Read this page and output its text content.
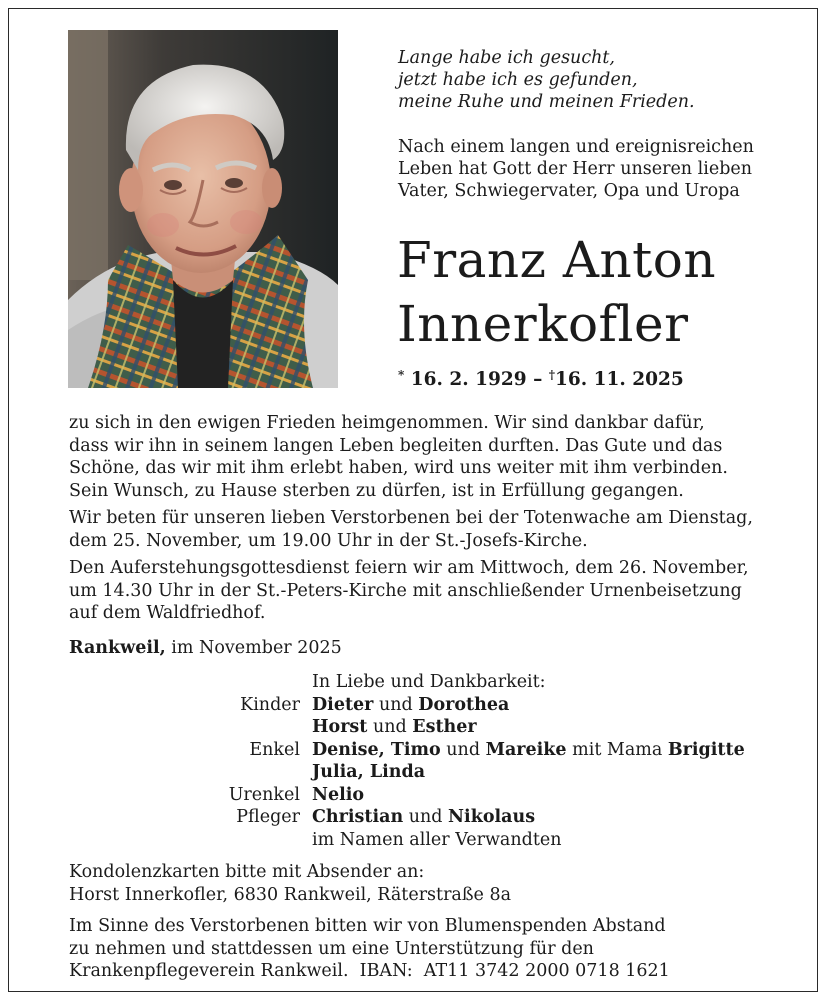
Lange habe ich gesucht,
jetzt habe ich es gefunden,
meine Ruhe und meinen Frieden.
Nach einem langen und ereignisreichen
Leben hat Gott der Herr unseren lieben
Vater, Schwiegervater, Opa und Uropa
Franz Anton
Innerkofler
* 16. 2. 1929 – †16. 11. 2025

zu sich in den ewigen Frieden heimgenommen. Wir sind dankbar dafür,
dass wir ihn in seinem langen Leben begleiten durften. Das Gute und das
Schöne, das wir mit ihm erlebt haben, wird uns weiter mit ihm verbinden.
Sein Wunsch, zu Hause sterben zu dürfen, ist in Erfüllung gegangen.

Wir beten für unseren lieben Verstorbenen bei der Totenwache am Dienstag,
dem 25. November, um 19.00 Uhr in der St.-Josefs-Kirche.

Den Auferstehungsgottesdienst feiern wir am Mittwoch, dem 26. November,
um 14.30 Uhr in der St.-Peters-Kirche mit anschließender Urnenbeisetzung
auf dem Waldfriedhof.

Rankweil, im November 2025
In Liebe und Dankbarkeit:
Kinder Dieter und Dorothea
Horst und Esther
Enkel Denise, Timo und Mareike mit Mama Brigitte
Julia, Linda
Urenkel Nelio
Pfleger Christian und Nikolaus
im Namen aller Verwandten
Kondolenzkarten bitte mit Absender an:
Horst Innerkofler, 6830 Rankweil, Räterstraße 8a
Im Sinne des Verstorbenen bitten wir von Blumenspenden Abstand
zu nehmen und stattdessen um eine Unterstützung für den
Krankenpflegeverein Rankweil.  IBAN:  AT11 3742 2000 0718 1621
